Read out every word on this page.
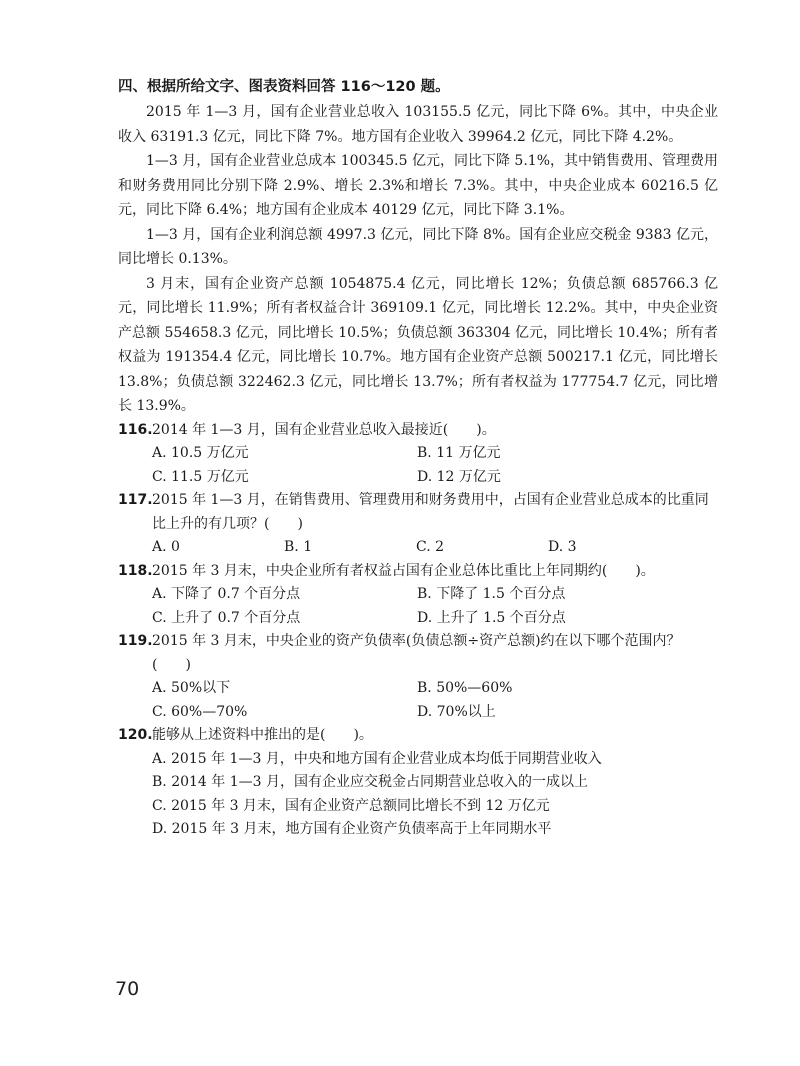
四、根据所给文字、图表资料回答 116～120 题。

2015 年 1—3 月，国有企业营业总收入 103155.5 亿元，同比下降 6%。其中，中央企业收入 63191.3 亿元，同比下降 7%。地方国有企业收入 39964.2 亿元，同比下降 4.2%。

1—3 月，国有企业营业总成本 100345.5 亿元，同比下降 5.1%，其中销售费用、管理费用和财务费用同比分别下降 2.9%、增长 2.3%和增长 7.3%。其中，中央企业成本 60216.5 亿元，同比下降 6.4%；地方国有企业成本 40129 亿元，同比下降 3.1%。

1—3 月，国有企业利润总额 4997.3 亿元，同比下降 8%。国有企业应交税金 9383 亿元，同比增长 0.13%。

3 月末，国有企业资产总额 1054875.4 亿元，同比增长 12%；负债总额 685766.3 亿元，同比增长 11.9%；所有者权益合计 369109.1 亿元，同比增长 12.2%。其中，中央企业资产总额 554658.3 亿元，同比增长 10.5%；负债总额 363304 亿元，同比增长 10.4%；所有者权益为 191354.4 亿元，同比增长 10.7%。地方国有企业资产总额 500217.1 亿元，同比增长 13.8%；负债总额 322462.3 亿元，同比增长 13.7%；所有者权益为 177754.7 亿元，同比增长 13.9%。

116. 2014 年 1—3 月，国有企业营业总收入最接近(　　)。
A. 10.5 万亿元	B. 11 万亿元
C. 11.5 万亿元	D. 12 万亿元
117. 2015 年 1—3 月，在销售费用、管理费用和财务费用中，占国有企业营业总成本的比重同比上升的有几项？(　　)
A. 0	B. 1	C. 2	D. 3
118. 2015 年 3 月末，中央企业所有者权益占国有企业总体比重比上年同期约(　　)。
A. 下降了 0.7 个百分点	B. 下降了 1.5 个百分点
C. 上升了 0.7 个百分点	D. 上升了 1.5 个百分点
119. 2015 年 3 月末，中央企业的资产负债率(负债总额÷资产总额)约在以下哪个范围内？(　　)
A. 50%以下	B. 50%—60%
C. 60%—70%	D. 70%以上
120. 能够从上述资料中推出的是(　　)。
A. 2015 年 1—3 月，中央和地方国有企业营业成本均低于同期营业收入
B. 2014 年 1—3 月，国有企业应交税金占同期营业总收入的一成以上
C. 2015 年 3 月末，国有企业资产总额同比增长不到 12 万亿元
D. 2015 年 3 月末，地方国有企业资产负债率高于上年同期水平
70
